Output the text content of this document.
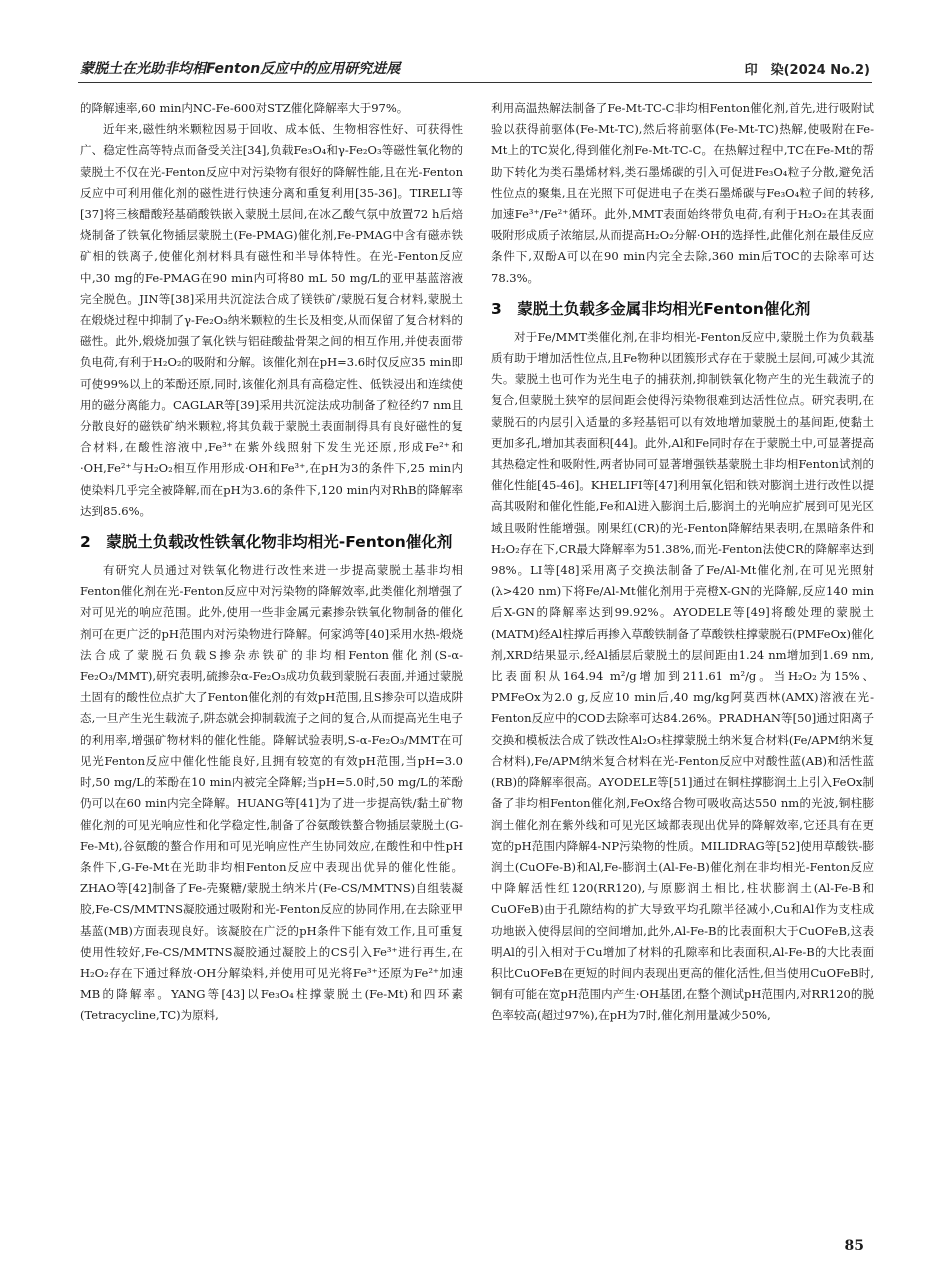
蒙脱土在光助非均相Fenton反应中的应用研究进展	印　染(2024 No.2)

的降解速率,60 min内NC-Fe-600对STZ催化降解率大于97%。

近年来,磁性纳米颗粒因易于回收、成本低、生物相容性好、可获得性广、稳定性高等特点而备受关注[34],负载Fe₃O₄和γ-Fe₂O₃等磁性氧化物的蒙脱土不仅在光-Fenton反应中对污染物有很好的降解性能,且在光-Fenton反应中可利用催化剂的磁性进行快速分离和重复利用[35-36]。TIRELI等[37]将三核醋酸羟基硝酸铁嵌入蒙脱土层间,在冰乙酸气氛中放置72 h后焙烧制备了铁氧化物插层蒙脱土(Fe-PMAG)催化剂,Fe-PMAG中含有磁赤铁矿相的铁离子,使催化剂材料具有磁性和半导体特性。在光-Fenton反应中,30 mg的Fe-PMAG在90 min内可将80 mL 50 mg/L的亚甲基蓝溶液完全脱色。JIN等[38]采用共沉淀法合成了镁铁矿/蒙脱石复合材料,蒙脱土在煅烧过程中抑制了γ-Fe₂O₃纳米颗粒的生长及相变,从而保留了复合材料的磁性。此外,煅烧加强了氧化铁与铝硅酸盐骨架之间的相互作用,并使表面带负电荷,有利于H₂O₂的吸附和分解。该催化剂在pH=3.6时仅反应35 min即可使99%以上的苯酚还原,同时,该催化剂具有高稳定性、低铁浸出和连续使用的磁分离能力。CAGLAR等[39]采用共沉淀法成功制备了粒径约7 nm且分散良好的磁铁矿纳米颗粒,将其负载于蒙脱土表面制得具有良好磁性的复合材料,在酸性溶液中,Fe³⁺在紫外线照射下发生光还原,形成Fe²⁺和·OH,Fe²⁺与H₂O₂相互作用形成·OH和Fe³⁺,在pH为3的条件下,25 min内使染料几乎完全被降解,而在pH为3.6的条件下,120 min内对RhB的降解率达到85.6%。

2　蒙脱土负载改性铁氧化物非均相光-Fenton催化剂

有研究人员通过对铁氧化物进行改性来进一步提高蒙脱土基非均相Fenton催化剂在光-Fenton反应中对污染物的降解效率,此类催化剂增强了对可见光的响应范围。此外,使用一些非金属元素掺杂铁氧化物制备的催化剂可在更广泛的pH范围内对污染物进行降解。何家鸿等[40]采用水热-煅烧法合成了蒙脱石负载S掺杂赤铁矿的非均相Fenton催化剂(S-α-Fe₂O₃/MMT),研究表明,硫掺杂α-Fe₂O₃成功负载到蒙脱石表面,并通过蒙脱土固有的酸性位点扩大了Fenton催化剂的有效pH范围,且S掺杂可以造成阱态,一旦产生光生载流子,阱态就会抑制载流子之间的复合,从而提高光生电子的利用率,增强矿物材料的催化性能。降解试验表明,S-α-Fe₂O₃/MMT在可见光Fenton反应中催化性能良好,且拥有较宽的有效pH范围,当pH=3.0时,50 mg/L的苯酚在10 min内被完全降解;当pH=5.0时,50 mg/L的苯酚仍可以在60 min内完全降解。HUANG等[41]为了进一步提高铁/黏土矿物催化剂的可见光响应性和化学稳定性,制备了谷氨酸铁螯合物插层蒙脱土(G-Fe-Mt),谷氨酸的螯合作用和可见光响应性产生协同效应,在酸性和中性pH条件下,G-Fe-Mt在光助非均相Fenton反应中表现出优异的催化性能。ZHAO等[42]制备了Fe-壳聚糖/蒙脱土纳米片(Fe-CS/MMTNS)自组装凝胶,Fe-CS/MMTNS凝胶通过吸附和光-Fenton反应的协同作用,在去除亚甲基蓝(MB)方面表现良好。该凝胶在广泛的pH条件下能有效工作,且可重复使用性较好,Fe-CS/MMTNS凝胶通过凝胶上的CS引入Fe³⁺进行再生,在H₂O₂存在下通过释放·OH分解染料,并使用可见光将Fe³⁺还原为Fe²⁺加速MB的降解率。YANG等[43]以Fe₃O₄柱撑蒙脱土(Fe-Mt)和四环素(Tetracycline,TC)为原料,

利用高温热解法制备了Fe-Mt-TC-C非均相Fenton催化剂,首先,进行吸附试验以获得前驱体(Fe-Mt-TC),然后将前驱体(Fe-Mt-TC)热解,使吸附在Fe-Mt上的TC炭化,得到催化剂Fe-Mt-TC-C。在热解过程中,TC在Fe-Mt的帮助下转化为类石墨烯材料,类石墨烯碳的引入可促进Fe₃O₄粒子分散,避免活性位点的聚集,且在光照下可促进电子在类石墨烯碳与Fe₃O₄粒子间的转移,加速Fe³⁺/Fe²⁺循环。此外,MMT表面始终带负电荷,有利于H₂O₂在其表面吸附形成质子浓缩层,从而提高H₂O₂分解·OH的选择性,此催化剂在最佳反应条件下,双酚A可以在90 min内完全去除,360 min后TOC的去除率可达78.3%。

3　蒙脱土负载多金属非均相光Fenton催化剂

对于Fe/MMT类催化剂,在非均相光-Fenton反应中,蒙脱土作为负载基质有助于增加活性位点,且Fe物种以团簇形式存在于蒙脱土层间,可减少其流失。蒙脱土也可作为光生电子的捕获剂,抑制铁氧化物产生的光生载流子的复合,但蒙脱土狭窄的层间距会使得污染物很难到达活性位点。研究表明,在蒙脱石的内层引入适量的多羟基铝可以有效地增加蒙脱土的基间距,使黏土更加多孔,增加其表面积[44]。此外,Al和Fe同时存在于蒙脱土中,可显著提高其热稳定性和吸附性,两者协同可显著增强铁基蒙脱土非均相Fenton试剂的催化性能[45-46]。KHELIFI等[47]利用氧化铝和铁对膨润土进行改性以提高其吸附和催化性能,Fe和Al进入膨润土后,膨润土的光响应扩展到可见光区域且吸附性能增强。刚果红(CR)的光-Fenton降解结果表明,在黑暗条件和H₂O₂存在下,CR最大降解率为51.38%,而光-Fenton法使CR的降解率达到98%。LI等[48]采用离子交换法制备了Fe/Al-Mt催化剂,在可见光照射(λ>420 nm)下将Fe/Al-Mt催化剂用于亮橙X-GN的光降解,反应140 min后X-GN的降解率达到99.92%。AYODELE等[49]将酸处理的蒙脱土(MATM)经Al柱撑后再掺入草酸铁制备了草酸铁柱撑蒙脱石(PMFeOx)催化剂,XRD结果显示,经Al插层后蒙脱土的层间距由1.24 nm增加到1.69 nm,比表面积从164.94 m²/g增加到211.61 m²/g。当H₂O₂为15%、PMFeOx为2.0 g,反应10 min后,40 mg/kg阿莫西林(AMX)溶液在光-Fenton反应中的COD去除率可达84.26%。PRADHAN等[50]通过阳离子交换和模板法合成了铁改性Al₂O₃柱撑蒙脱土纳米复合材料(Fe/APM纳米复合材料),Fe/APM纳米复合材料在光-Fenton反应中对酸性蓝(AB)和活性蓝(RB)的降解率很高。AYODELE等[51]通过在铜柱撑膨润土上引入FeOx制备了非均相Fenton催化剂,FeOx络合物可吸收高达550 nm的光波,铜柱膨润土催化剂在紫外线和可见光区域都表现出优异的降解效率,它还具有在更宽的pH范围内降解4-NP污染物的性质。MILIDRAG等[52]使用草酸铁-膨润土(CuOFe-B)和Al,Fe-膨润土(Al-Fe-B)催化剂在非均相光-Fenton反应中降解活性红120(RR120),与原膨润土相比,柱状膨润土(Al-Fe-B和CuOFeB)由于孔隙结构的扩大导致平均孔隙半径减小,Cu和Al作为支柱成功地嵌入使得层间的空间增加,此外,Al-Fe-B的比表面积大于CuOFeB,这表明Al的引入相对于Cu增加了材料的孔隙率和比表面积,Al-Fe-B的大比表面积比CuOFeB在更短的时间内表现出更高的催化活性,但当使用CuOFeB时,铜有可能在宽pH范围内产生·OH基团,在整个测试pH范围内,对RR120的脱色率较高(超过97%),在pH为7时,催化剂用量减少50%,

85
